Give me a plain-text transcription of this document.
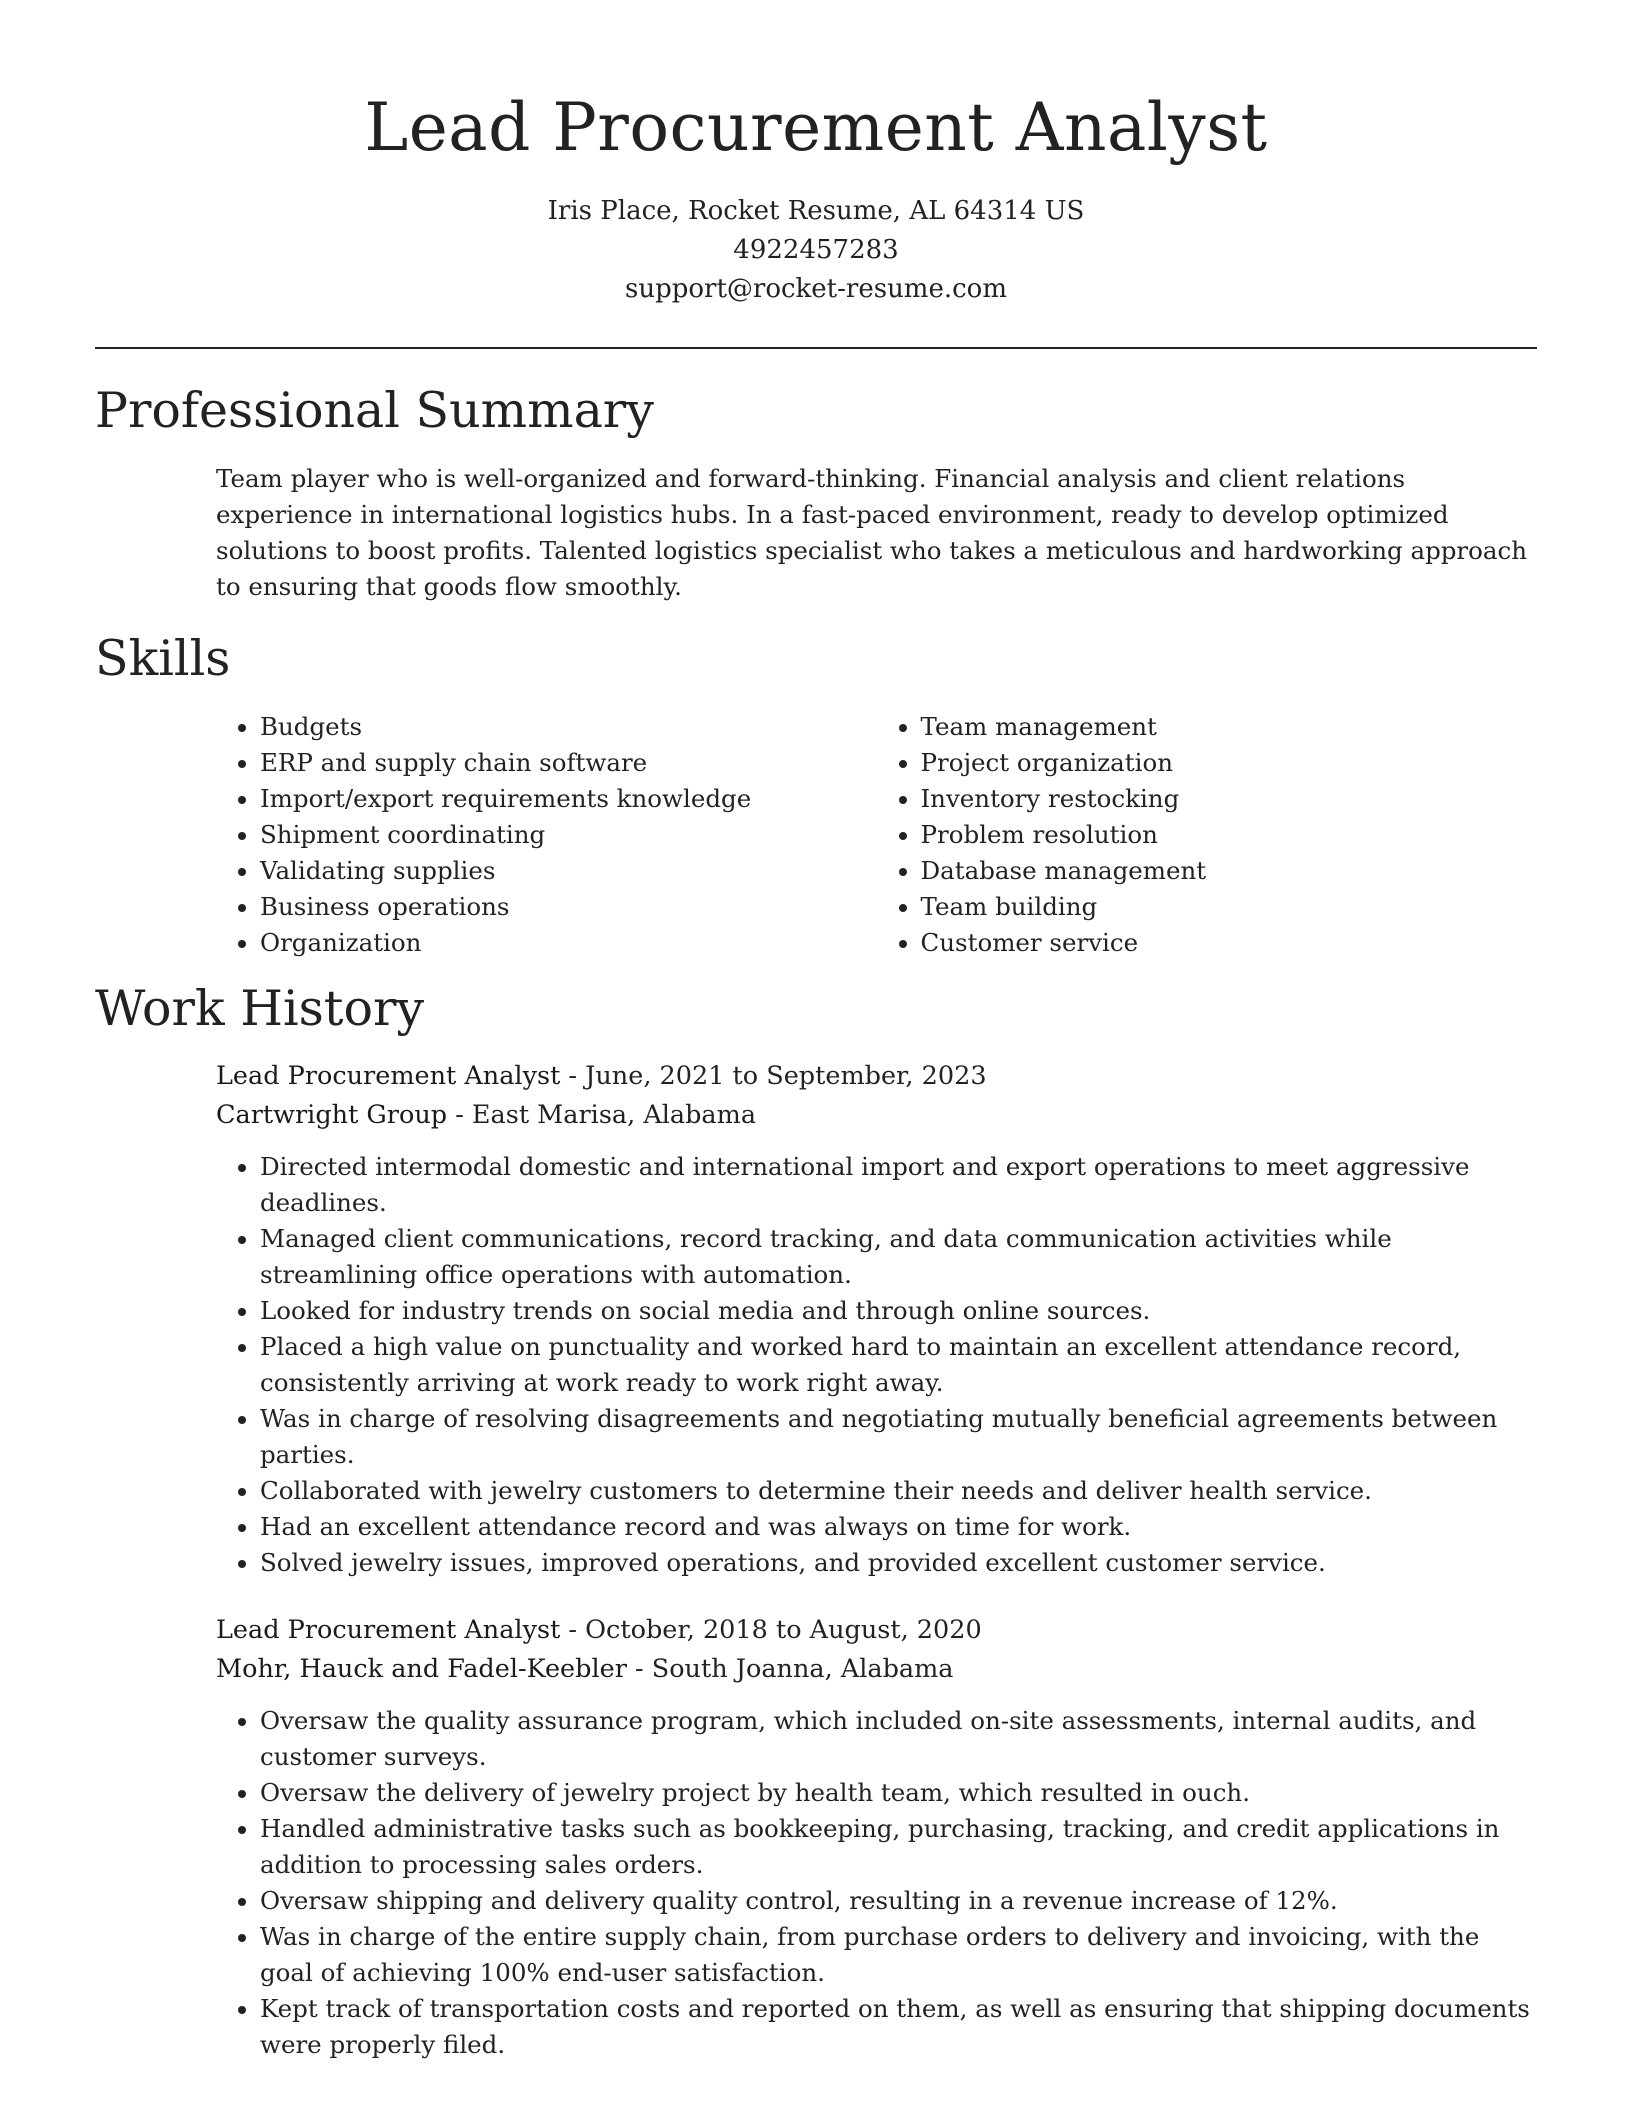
Lead Procurement Analyst

Iris Place, Rocket Resume, AL 64314 US

4922457283

support@rocket-resume.com

Professional Summary

Team player who is well-organized and forward-thinking. Financial analysis and client relations experience in international logistics hubs. In a fast-paced environment, ready to develop optimized solutions to boost profits. Talented logistics specialist who takes a meticulous and hardworking approach to ensuring that goods flow smoothly.

Skills
• Budgets
• ERP and supply chain software
• Import/export requirements knowledge
• Shipment coordinating
• Validating supplies
• Business operations
• Organization
• Team management
• Project organization
• Inventory restocking
• Problem resolution
• Database management
• Team building
• Customer service
Work History

Lead Procurement Analyst - June, 2021 to September, 2023

Cartwright Group - East Marisa, Alabama

• Directed intermodal domestic and international import and export operations to meet aggressive deadlines.
• Managed client communications, record tracking, and data communication activities while streamlining office operations with automation.
• Looked for industry trends on social media and through online sources.
• Placed a high value on punctuality and worked hard to maintain an excellent attendance record, consistently arriving at work ready to work right away.
• Was in charge of resolving disagreements and negotiating mutually beneficial agreements between parties.
• Collaborated with jewelry customers to determine their needs and deliver health service.
• Had an excellent attendance record and was always on time for work.
• Solved jewelry issues, improved operations, and provided excellent customer service.

Lead Procurement Analyst - October, 2018 to August, 2020

Mohr, Hauck and Fadel-Keebler - South Joanna, Alabama

• Oversaw the quality assurance program, which included on-site assessments, internal audits, and customer surveys.
• Oversaw the delivery of jewelry project by health team, which resulted in ouch.
• Handled administrative tasks such as bookkeeping, purchasing, tracking, and credit applications in addition to processing sales orders.
• Oversaw shipping and delivery quality control, resulting in a revenue increase of 12%.
• Was in charge of the entire supply chain, from purchase orders to delivery and invoicing, with the goal of achieving 100% end-user satisfaction.
• Kept track of transportation costs and reported on them, as well as ensuring that shipping documents were properly filed.
